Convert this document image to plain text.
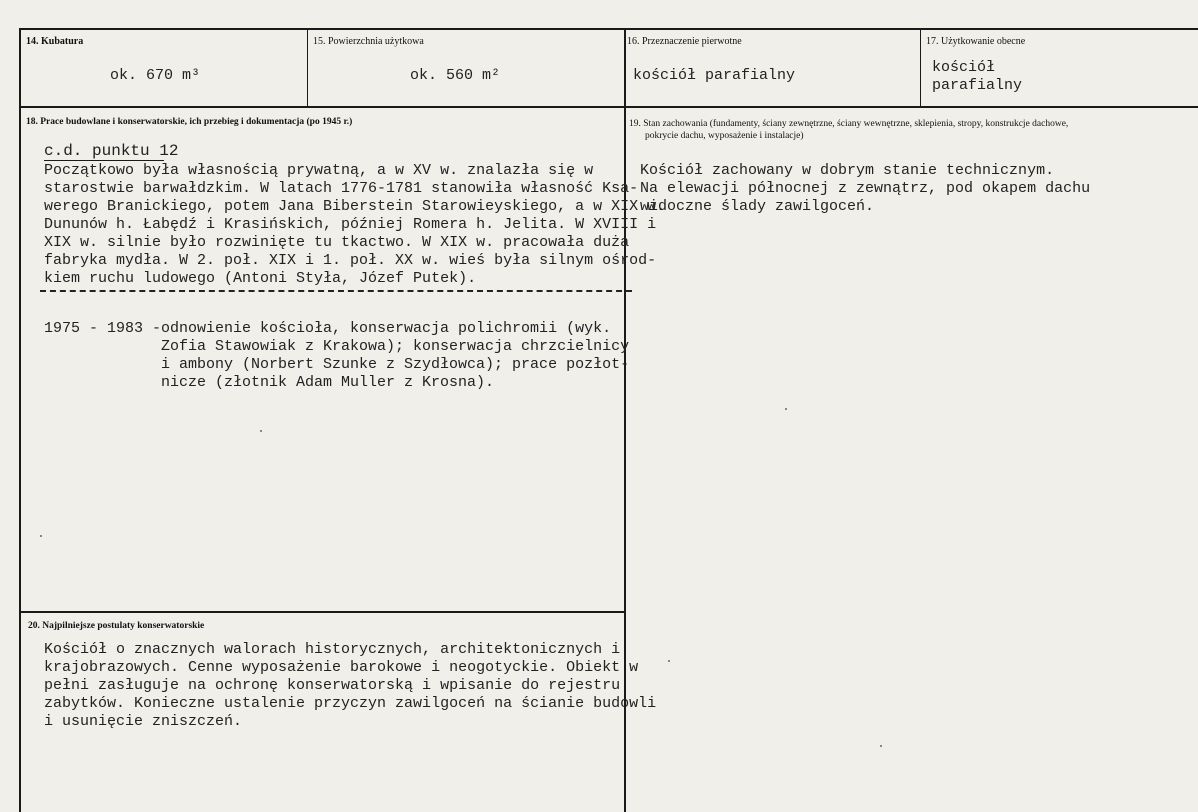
14. Kubatura
ok. 670 m³
15. Powierzchnia użytkowa
ok. 560 m²
16. Przeznaczenie pierwotne
kościół parafialny
17. Użytkowanie obecne
kościół
parafialny
18. Prace budowlane i konserwatorskie, ich przebieg i dokumentacja (po 1945 r.)
c.d. punktu 12
Początkowo była własnością prywatną, a w XV w. znalazła się w
starostwie barwałdzkim. W latach 1776-1781 stanowiła własność Ksa-
werego Branickiego, potem Jana Biberstein Starowieyskiego, a w XIX w.
Dununów h. Łabędź i Krasińskich, później Romera h. Jelita. W XVIII i
XIX w. silnie było rozwinięte tu tkactwo. W XIX w. pracowała duża
fabryka mydła. W 2. poł. XIX i 1. poł. XX w. wieś była silnym ośrod-
kiem ruchu ludowego (Antoni Styła, Józef Putek).
1975 - 1983 - odnowienie kościoła, konserwacja polichromii (wyk.
Zofia Stawowiak z Krakowa); konserwacja chrzcielnicy
i ambony (Norbert Szunke z Szydłowca); prace pozłot-
nicze (złotnik Adam Muller z Krosna).
19. Stan zachowania (fundamenty, ściany zewnętrzne, ściany wewnętrzne, sklepienia, stropy, konstrukcje dachowe,
pokrycie dachu, wyposażenie i instalacje)
Kościół zachowany w dobrym stanie technicznym.
Na elewacji północnej z zewnątrz, pod okapem dachu
widoczne ślady zawilgoceń.
20. Najpilniejsze postulaty konserwatorskie
Kościół o znacznych walorach historycznych, architektonicznych i
krajobrazowych. Cenne wyposażenie barokowe i neogotyckie. Obiekt w
pełni zasługuje na ochronę konserwatorską i wpisanie do rejestru
zabytków. Konieczne ustalenie przyczyn zawilgoceń na ścianie budowli
i usunięcie zniszczeń.
